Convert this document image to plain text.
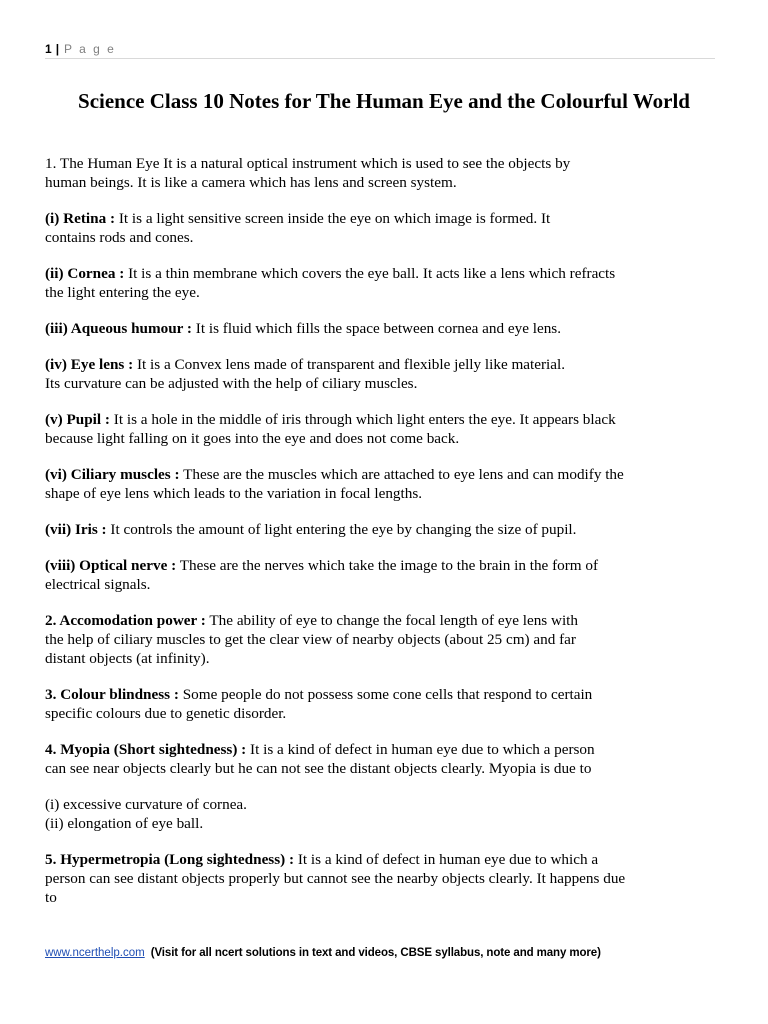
1 | P a g e
Science Class 10 Notes for The Human Eye and the Colourful World
1. The Human Eye It is a natural optical instrument which is used to see the objects by
human beings. It is like a camera which has lens and screen system.
(i) Retina : It is a light sensitive screen inside the eye on which image is formed. It
contains rods and cones.
(ii) Cornea : It is a thin membrane which covers the eye ball. It acts like a lens which refracts
the light entering the eye.
(iii) Aqueous humour : It is fluid which fills the space between cornea and eye lens.
(iv) Eye lens : It is a Convex lens made of transparent and flexible jelly like material.
Its curvature can be adjusted with the help of ciliary muscles.
(v) Pupil : It is a hole in the middle of iris through which light enters the eye. It appears black
because light falling on it goes into the eye and does not come back.
(vi) Ciliary muscles : These are the muscles which are attached to eye lens and can modify the
shape of eye lens which leads to the variation in focal lengths.
(vii) Iris : It controls the amount of light entering the eye by changing the size of pupil.
(viii) Optical nerve : These are the nerves which take the image to the brain in the form of
electrical signals.
2. Accomodation power : The ability of eye to change the focal length of eye lens with
the help of ciliary muscles to get the clear view of nearby objects (about 25 cm) and far
distant objects (at infinity).
3. Colour blindness : Some people do not possess some cone cells that respond to certain
specific colours due to genetic disorder.
4. Myopia (Short sightedness) : It is a kind of defect in human eye due to which a person
can see near objects clearly but he can not see the distant objects clearly. Myopia is due to
(i) excessive curvature of cornea.
(ii) elongation of eye ball.
5. Hypermetropia (Long sightedness) : It is a kind of defect in human eye due to which a
person can see distant objects properly but cannot see the nearby objects clearly. It happens due
to
www.ncerthelp.com (Visit for all ncert solutions in text and videos, CBSE syllabus, note and many more)
